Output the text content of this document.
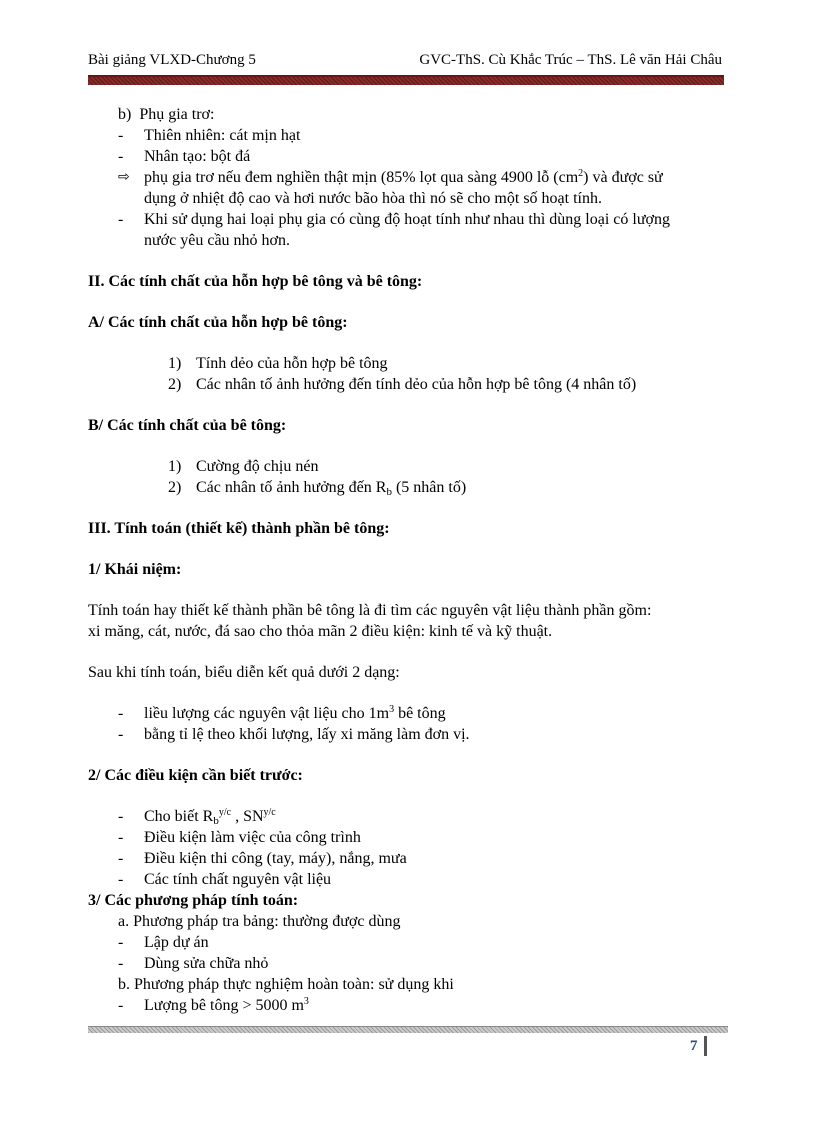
Bài giảng VLXD-Chương 5	GVC-ThS. Cù Khắc Trúc – ThS. Lê văn Hải Châu
b) Phụ gia trơ:
- Thiên nhiên: cát mịn hạt
- Nhân tạo: bột đá
⇨ phụ gia trơ nếu đem nghiền thật mịn (85% lọt qua sàng 4900 lỗ $(cm^2)$ và được sử
dụng ở nhiệt độ cao và hơi nước bão hòa thì nó sẽ cho một số hoạt tính.
- Khi sử dụng hai loại phụ gia có cùng độ hoạt tính như nhau thì dùng loại có lượng
nước yêu cầu nhỏ hơn.
II. Các tính chất của hỗn hợp bê tông và bê tông:
A/ Các tính chất của hỗn hợp bê tông:
1) Tính dẻo của hỗn hợp bê tông
2) Các nhân tố ảnh hưởng đến tính dẻo của hỗn hợp bê tông (4 nhân tố)
B/ Các tính chất của bê tông:
1) Cường độ chịu nén
2) Các nhân tố ảnh hưởng đến $R_b$ (5 nhân tố)
III. Tính toán (thiết kế) thành phần bê tông:
1/ Khái niệm:
Tính toán hay thiết kế thành phần bê tông là đi tìm các nguyên vật liệu thành phần gồm:
xi măng, cát, nước, đá sao cho thỏa mãn 2 điều kiện: kinh tế và kỹ thuật.
Sau khi tính toán, biểu diễn kết quả dưới 2 dạng:
- liều lượng các nguyên vật liệu cho $1m^3$ bê tông
- bằng tỉ lệ theo khối lượng, lấy xi măng làm đơn vị.
2/ Các điều kiện cần biết trước:
- Cho biết $R_b^{y/c}$ , $SN^{y/c}$
- Điều kiện làm việc của công trình
- Điều kiện thi công (tay, máy), nắng, mưa
- Các tính chất nguyên vật liệu
3/ Các phương pháp tính toán:
a. Phương pháp tra bảng: thường được dùng
- Lập dự án
- Dùng sửa chữa nhỏ
b. Phương pháp thực nghiệm hoàn toàn: sử dụng khi
- Lượng bê tông > 5000 $m^3$
7
